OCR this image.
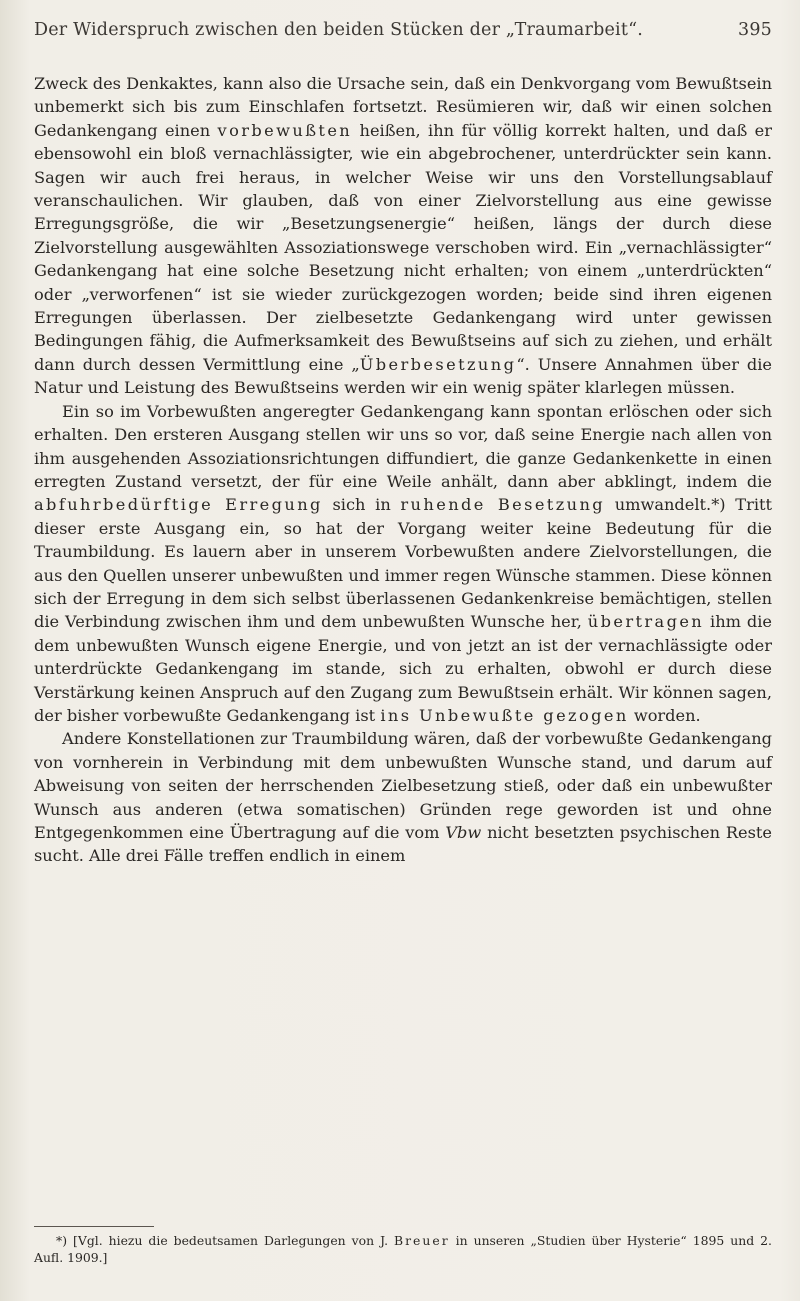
Der Widerspruch zwischen den beiden Stücken der „Traumarbeit“.	395

Zweck des Denkaktes, kann also die Ursache sein, daß ein Denkvorgang vom Bewußtsein unbemerkt sich bis zum Einschlafen fortsetzt. Resümieren wir, daß wir einen solchen Gedankengang einen vorbewußten heißen, ihn für völlig korrekt halten, und daß er ebensowohl ein bloß vernachlässigter, wie ein abgebrochener, unterdrückter sein kann. Sagen wir auch frei heraus, in welcher Weise wir uns den Vorstellungsablauf veranschaulichen. Wir glauben, daß von einer Zielvorstellung aus eine gewisse Erregungsgröße, die wir „Besetzungsenergie“ heißen, längs der durch diese Zielvorstellung ausgewählten Assoziationswege verschoben wird. Ein „vernachlässigter“ Gedankengang hat eine solche Besetzung nicht erhalten; von einem „unterdrückten“ oder „verworfenen“ ist sie wieder zurückgezogen worden; beide sind ihren eigenen Erregungen überlassen. Der zielbesetzte Gedankengang wird unter gewissen Bedingungen fähig, die Aufmerksamkeit des Bewußtseins auf sich zu ziehen, und erhält dann durch dessen Vermittlung eine „Überbesetzung“. Unsere Annahmen über die Natur und Leistung des Bewußtseins werden wir ein wenig später klarlegen müssen.

Ein so im Vorbewußten angeregter Gedankengang kann spontan erlöschen oder sich erhalten. Den ersteren Ausgang stellen wir uns so vor, daß seine Energie nach allen von ihm ausgehenden Assoziationsrichtungen diffundiert, die ganze Gedankenkette in einen erregten Zustand versetzt, der für eine Weile anhält, dann aber abklingt, indem die abfuhrbedürftige Erregung sich in ruhende Besetzung umwandelt.*) Tritt dieser erste Ausgang ein, so hat der Vorgang weiter keine Bedeutung für die Traumbildung. Es lauern aber in unserem Vorbewußten andere Zielvorstellungen, die aus den Quellen unserer unbewußten und immer regen Wünsche stammen. Diese können sich der Erregung in dem sich selbst überlassenen Gedankenkreise bemächtigen, stellen die Verbindung zwischen ihm und dem unbewußten Wunsche her, übertragen ihm die dem unbewußten Wunsch eigene Energie, und von jetzt an ist der vernachlässigte oder unterdrückte Gedankengang im stande, sich zu erhalten, obwohl er durch diese Verstärkung keinen Anspruch auf den Zugang zum Bewußtsein erhält. Wir können sagen, der bisher vorbewußte Gedankengang ist ins Unbewußte gezogen worden.

Andere Konstellationen zur Traumbildung wären, daß der vorbewußte Gedankengang von vornherein in Verbindung mit dem unbewußten Wunsche stand, und darum auf Abweisung von seiten der herrschenden Zielbesetzung stieß, oder daß ein unbewußter Wunsch aus anderen (etwa somatischen) Gründen rege geworden ist und ohne Entgegenkommen eine Übertragung auf die vom Vbw nicht besetzten psychischen Reste sucht. Alle drei Fälle treffen endlich in einem

*) [Vgl. hiezu die bedeutsamen Darlegungen von J. Breuer in unseren „Studien über Hysterie“ 1895 und 2. Aufl. 1909.]
